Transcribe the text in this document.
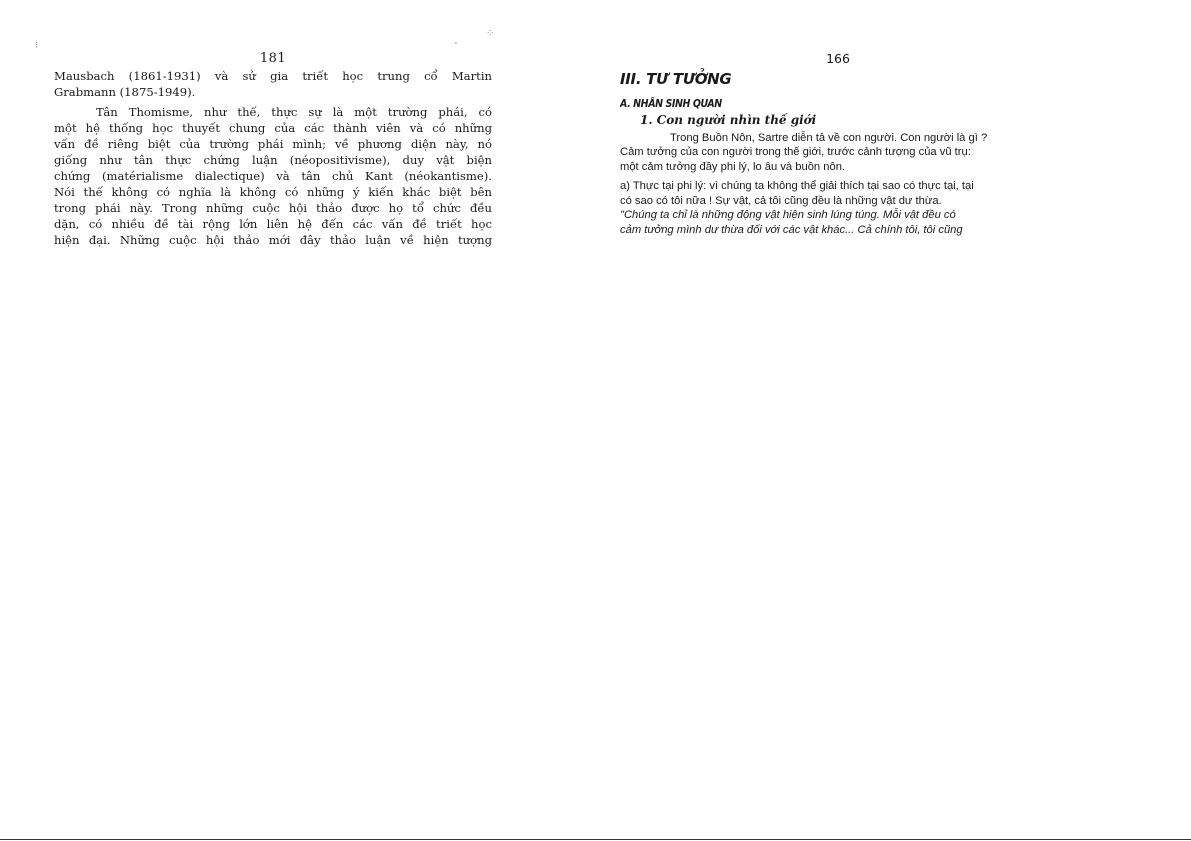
181

Mausbach (1861-1931) và sử gia triết học trung cổ Martin

Grabmann (1875-1949).

Tân Thomisme, như thế, thực sự là một trường phái, có

một hệ thống học thuyết chung của các thành viên và có những

vấn đề riêng biệt của trường phái mình; về phương diện này, nó

giống như tân thực chứng luận (néopositivisme), duy vật biện

chứng (matérialisme dialectique) và tân chủ Kant (néokantisme).

Nói thế không có nghĩa là không có những ý kiến khác biệt bên

trong phái này. Trong những cuộc hội thảo được họ tổ chức đều

dặn, có nhiều đề tài rộng lớn liên hệ đến các vấn đề triết học

hiện đại. Những cuộc hội thảo mới đây thảo luận về hiện tượng

166
III. TƯ TƯỞNG
A. NHÂN SINH QUAN
1. Con người nhìn thế giới

Trong Buồn Nôn, Sartre diễn tả về con người. Con người là gì ?

Cảm tưởng của con người trong thế giới, trước cảnh tượng của vũ trụ:

một cảm tưởng đầy phi lý, lo âu và buồn nôn.

a) Thực tại phi lý: vì chúng ta không thể giải thích tại sao có thực tại, tại

có sao có tôi nữa ! Sự vật, cả tôi cũng đều là những vật dư thừa.

"Chúng ta chỉ là những động vật hiện sinh lúng túng. Mỗi vật đều có

cảm tưởng mình dư thừa đối với các vật khác... Cả chính tôi, tôi cũng

⁝	-
⁘
